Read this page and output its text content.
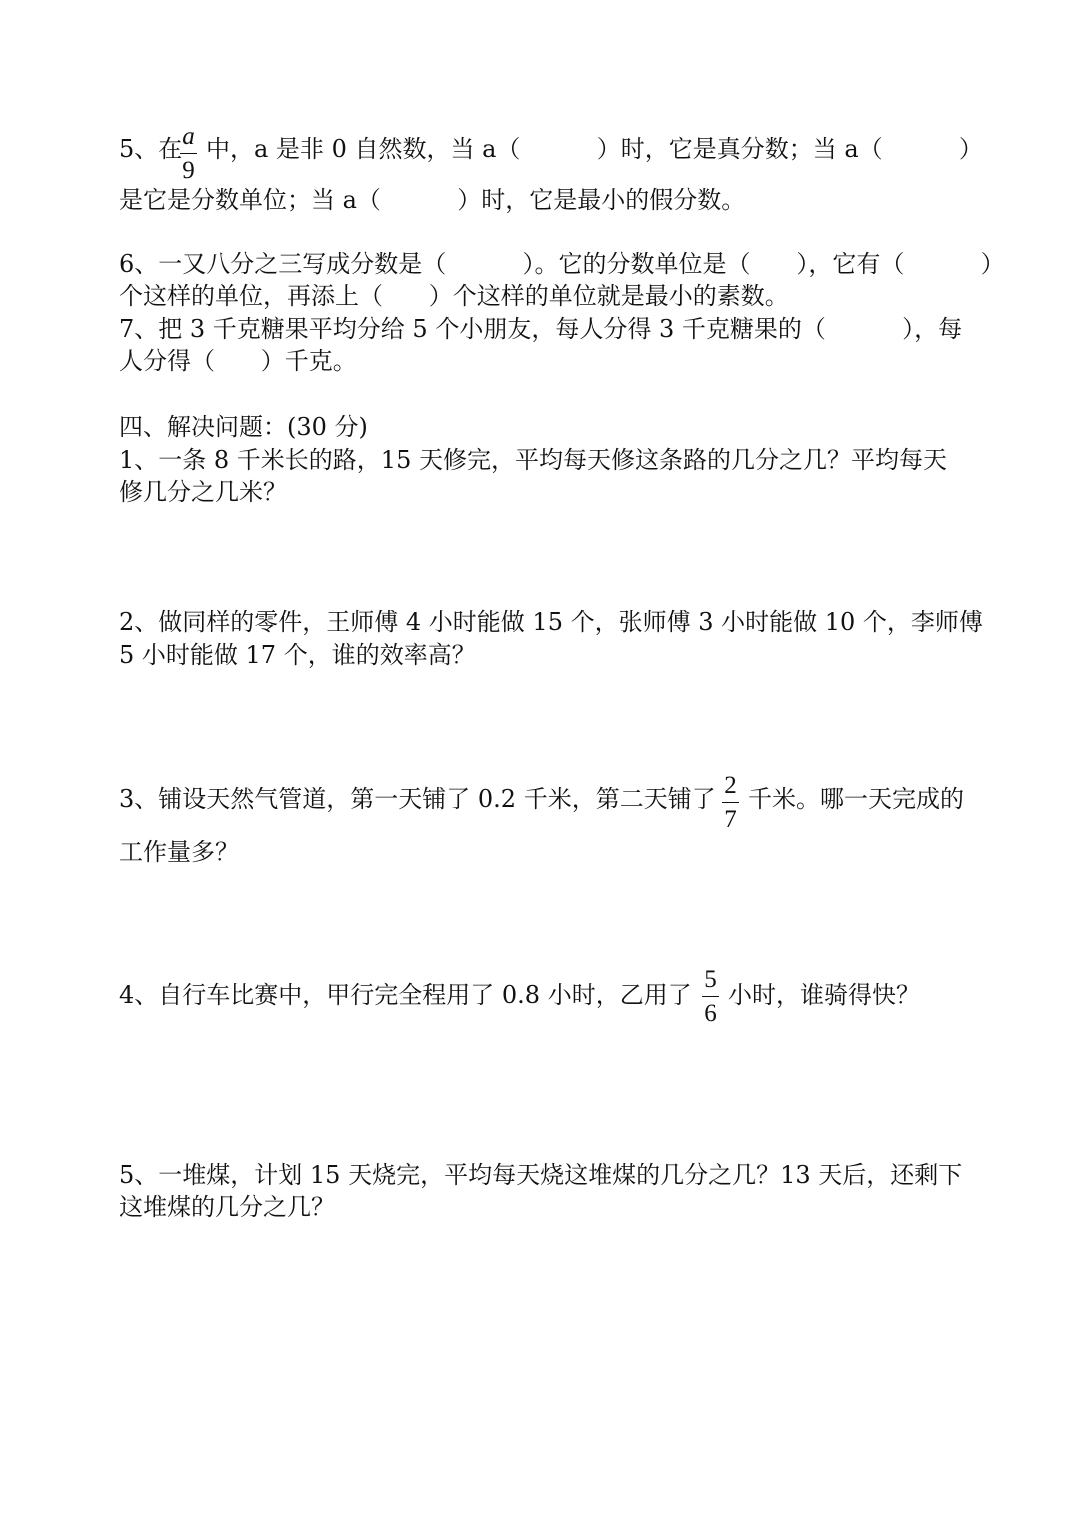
5、在 a
9
中，a 是非 0 自然数，当 a（          ）时，它是真分数；当 a（          ）
是它是分数单位；当 a（          ）时，它是最小的假分数。
6、一又八分之三写成分数是（          ）。它的分数单位是（      ），它有（          ）
个这样的单位，再添上（      ）个这样的单位就是最小的素数。
7、把 3 千克糖果平均分给 5 个小朋友，每人分得 3 千克糖果的（          ），每
人分得（      ）千克。
四、解决问题：(30 分)
1、一条 8 千米长的路，15 天修完，平均每天修这条路的几分之几？平均每天
修几分之几米？
2、做同样的零件，王师傅 4 小时能做 15 个，张师傅 3 小时能做 10 个，李师傅
5 小时能做 17 个，谁的效率高？
3、铺设天然气管道，第一天铺了 0.2 千米，第二天铺了 2
7
千米。哪一天完成的
工作量多？
4、自行车比赛中，甲行完全程用了 0.8 小时，乙用了
5
6
小时，谁骑得快？
5、一堆煤，计划 15 天烧完，平均每天烧这堆煤的几分之几？13 天后，还剩下
这堆煤的几分之几？
